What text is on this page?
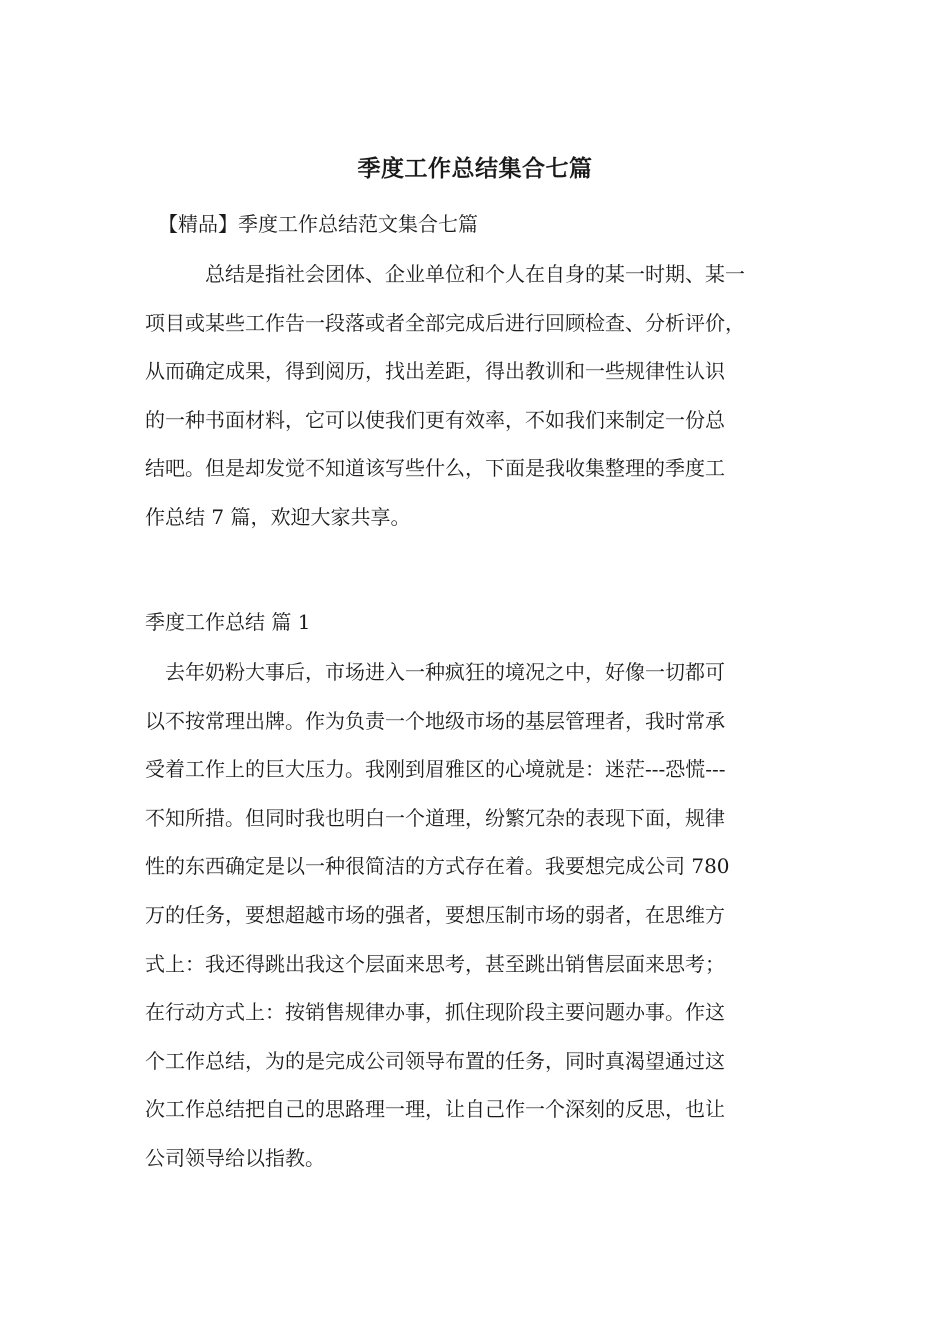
季度工作总结集合七篇
【精品】季度工作总结范文集合七篇
总结是指社会团体、企业单位和个人在自身的某一时期、某一
项目或某些工作告一段落或者全部完成后进行回顾检查、分析评价，
从而确定成果，得到阅历，找出差距，得出教训和一些规律性认识
的一种书面材料，它可以使我们更有效率，不如我们来制定一份总
结吧。但是却发觉不知道该写些什么，下面是我收集整理的季度工
作总结 7 篇，欢迎大家共享。
季度工作总结 篇 1
去年奶粉大事后，市场进入一种疯狂的境况之中，好像一切都可
以不按常理出牌。作为负责一个地级市场的基层管理者，我时常承
受着工作上的巨大压力。我刚到眉雅区的心境就是：迷茫---恐慌---
不知所措。但同时我也明白一个道理，纷繁冗杂的表现下面，规律
性的东西确定是以一种很简洁的方式存在着。我要想完成公司 780
万的任务，要想超越市场的强者，要想压制市场的弱者，在思维方
式上：我还得跳出我这个层面来思考，甚至跳出销售层面来思考；
在行动方式上：按销售规律办事，抓住现阶段主要问题办事。作这
个工作总结，为的是完成公司领导布置的任务，同时真渴望通过这
次工作总结把自己的思路理一理，让自己作一个深刻的反思，也让
公司领导给以指教。
